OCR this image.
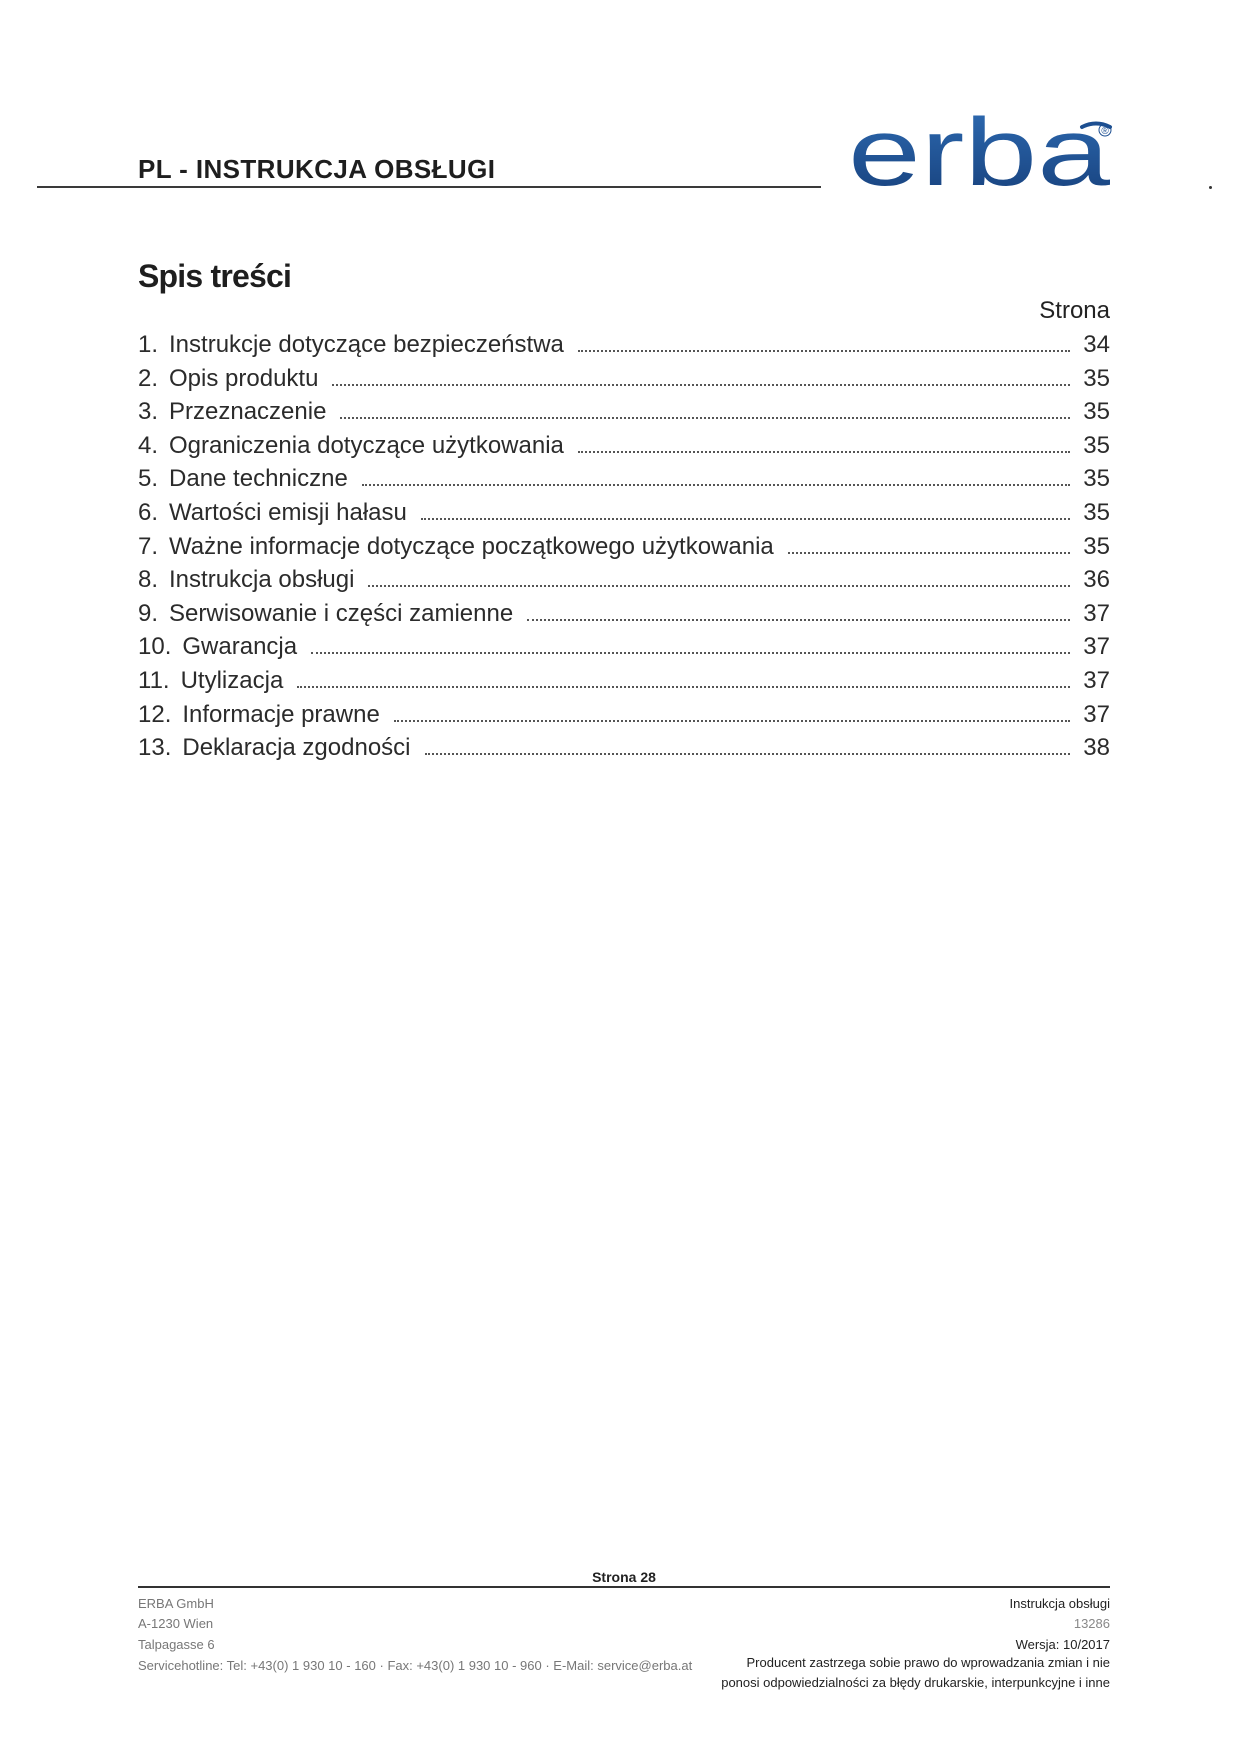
PL - INSTRUKCJA OBSŁUGI	erba
®
Spis treści
Strona
1. Instrukcje dotyczące bezpieczeństwa	34
2. Opis produktu	35
3. Przeznaczenie	35
4. Ograniczenia dotyczące użytkowania	35
5. Dane techniczne	35
6. Wartości emisji hałasu	35
7. Ważne informacje dotyczące początkowego użytkowania	35
8. Instrukcja obsługi	36
9. Serwisowanie i części zamienne	37
10. Gwarancja	37
11. Utylizacja	37
12. Informacje prawne	37
13. Deklaracja zgodności	38
Strona 28
ERBA GmbH
A-1230 Wien
Talpagasse 6
Servicehotline: Tel: +43(0) 1 930 10 - 160 · Fax: +43(0) 1 930 10 - 960 · E-Mail: service@erba.at
Instrukcja obsługi
13286
Wersja: 10/2017
Producent zastrzega sobie prawo do wprowadzania zmian i nie
ponosi odpowiedzialności za błędy drukarskie, interpunkcyjne i inne
